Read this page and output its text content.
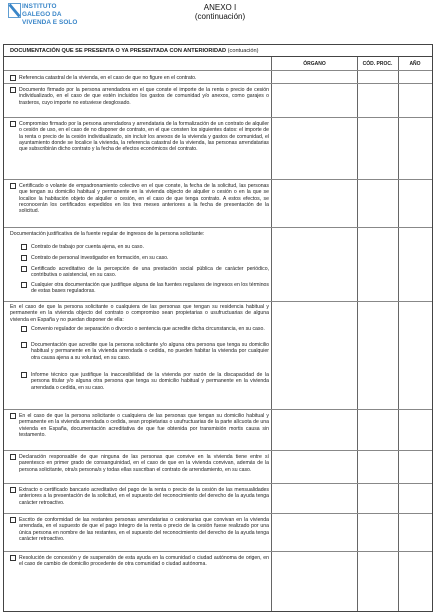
INSTITUTO
GALEGO DA
VIVENDA E SOLO
ANEXO I
(continuación)
DOCUMENTACIÓN QUE SE PRESENTA O YA PRESENTADA CON ANTERIORIDAD (contuación)
ÓRGANO	CÓD. PROC.	AÑO
Referencia catastral de la vivienda, en el caso de que no figure en el contrato.
Documento firmado por la persona arrendadora en el que conste el importe de la renta o precio de cesión individualizado, en el caso de que estén incluidos los gastos de comunidad y/o anexos, como garajes o trasteros, cuyo importe no estuviese desglosado.
Compromiso firmado por la persona arrendadora y arrendataria de la formalización de un contrato de alquiler o cesión de uso, en el caso de no disponer de contrato, en el que consten los siguientes datos: el importe de la renta o precio de la cesión individualizado, sin incluir los anexos de la vivienda y gastos de comunidad, el ayuntamiento donde se localice la vivienda, la referencia catastral de la vivienda, las personas arrendatarias que subscribirán dicho contrato y la fecha de efectos económicos del contrato.
Certificado o volante de empadronamiento colectivo en el que conste, la fecha de la solicitud, las personas que tengan su domicilio habitual y permanente en la vivienda objecto de alquiler o cesión o en la que se localice la habitación objeto de alquiler o cesión, en el caso de que tenga contrato. A estos efectos, se reconocerán los certificados expedidos en los tres meses anteriores a la fecha de presentación de la solicitud.
Documentación justificativa de la fuente regular de ingresos de la persona solicitante:
Contrato de trabajo por cuenta ajena, en su caso.
Contrato de personal investigador en formación, en su caso.
Certificado acreditativo de la percepción de una prestación social pública de carácter periódico, contributiva o asistencial, en su caso.
Cualquier otra documentación que justifique alguna de las fuentes regulares de ingresos en los términos de estas bases reguladoras.
En el caso de que la persona solicitante o cualquiera de las personas que tengan su residencia habitual y permanente en la vivienda objecto del contrato o compromiso sean propietarias o usufructuarias de alguna vivienda en España y no puedan disponer de ella:
Convenio regulador de separación o divorcio o sentencia que acredite dicha circunstancia, en su caso.
Documentación que acredite que la persona solicitante y/o alguna otra persona que tenga su domicilio habitual y permanente en la vivienda arrendada o cedida, no pueden habitar la vivienda por cualquier otra causa ajena a su voluntad, en su caso.
Informe técnico que justifique la inaccesibilidad de la vivienda por razón de la discapacidad de la persona titular y/o alguna otra persona que tenga su domicilio habitual y permanente en la vivienda arrendada o cedida, en su caso.
En el caso de que la persona solicitante o cualquiera de las personas que tengan su domicilio habitual y permanente en la vivienda arrendada o cedida, sean propietarias o usufructuarias de la parte alícuota de una vivienda en España, documentación acreditativa de que fue obtenida por transmisión mortis causa sin testamento.
Declaración responsable de que ninguna de las personas que convive en la vivienda tiene entre sí parentesco en primer grado de consanguinidad, en el caso de que en la vivienda convivan, además de la persona solicitante, otra/s persona/s y todas ellas suscriban el contrato de arrendamiento, en su caso.
Extracto o certificado bancario acreditativo del pago de la renta o precio de la cesión de las mensualidades anteriores a la presentación de la solicitud, en el supuesto del reconocimiento del derecho de la ayuda tenga carácter retroactivo.
Escrito de conformidad de las restantes personas arrendatarias o cesionarias que convivan en la vivienda arrendada, en el supuesto de que el pago íntegro de la renta o precio de la cesión fuese realizado por una única persona en nombre de las restantes, en el supuesto del reconocimiento del derecho de la ayuda tenga carácter retroactivo.
Resolución de concesión y de suspensión de esta ayuda en la comunidad o ciudad autónoma de origen, en el caso de cambio de domicilio procedente de otra comunidad o ciudad autónoma.
